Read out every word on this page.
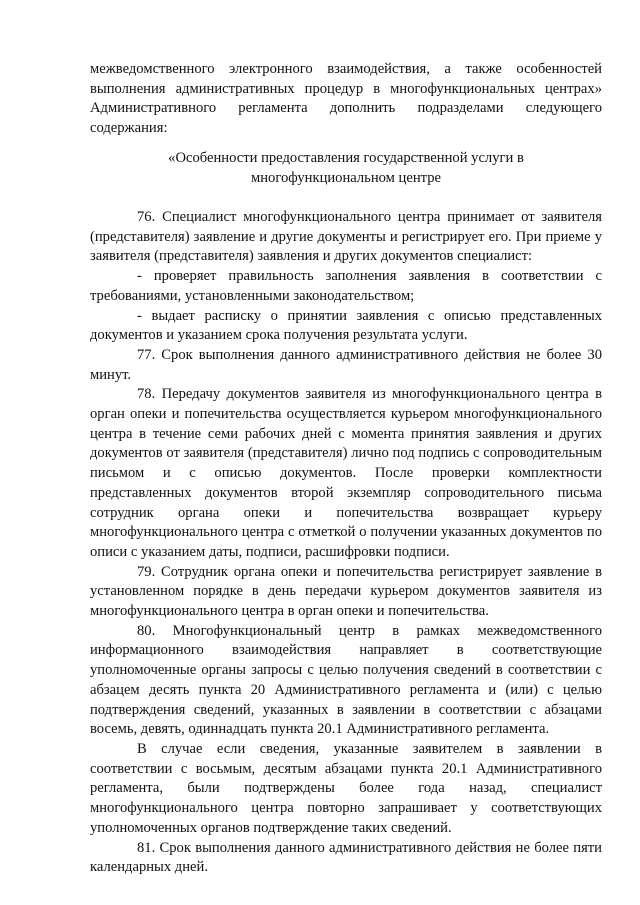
межведомственного электронного взаимодействия, а также особенностей выполнения административных процедур в многофункциональных центрах» Административного регламента дополнить подразделами следующего содержания:

«Особенности предоставления государственной услуги в

многофункциональном центре

76. Специалист многофункционального центра принимает от заявителя (представителя) заявление и другие документы и регистрирует его. При приеме у заявителя (представителя) заявления и других документов специалист:

- проверяет правильность заполнения заявления в соответствии с требованиями, установленными законодательством;

- выдает расписку о принятии заявления с описью представленных документов и указанием срока получения результата услуги.

77. Срок выполнения данного административного действия не более 30 минут.

78. Передачу документов заявителя из многофункционального центра в орган опеки и попечительства осуществляется курьером многофункционального центра в течение семи рабочих дней с момента принятия заявления и других документов от заявителя (представителя) лично под подпись с сопроводительным письмом и с описью документов. После проверки комплектности представленных документов второй экземпляр сопроводительного письма сотрудник органа опеки и попечительства возвращает курьеру многофункционального центра с отметкой о получении указанных документов по описи с указанием даты, подписи, расшифровки подписи.

79. Сотрудник органа опеки и попечительства регистрирует заявление в установленном порядке в день передачи курьером документов заявителя из многофункционального центра в орган опеки и попечительства.

80. Многофункциональный центр в рамках межведомственного информационного взаимодействия направляет в соответствующие уполномоченные органы запросы с целью получения сведений в соответствии с абзацем десять пункта 20 Административного регламента и (или) с целью подтверждения сведений, указанных в заявлении в соответствии с абзацами восемь, девять, одиннадцать пункта 20.1 Административного регламента.

В случае если сведения, указанные заявителем в заявлении в соответствии с восьмым, десятым абзацами пункта 20.1 Административного регламента, были подтверждены более года назад, специалист многофункционального центра повторно запрашивает у соответствующих уполномоченных органов подтверждение таких сведений.

81. Срок выполнения данного административного действия не более пяти календарных дней.
